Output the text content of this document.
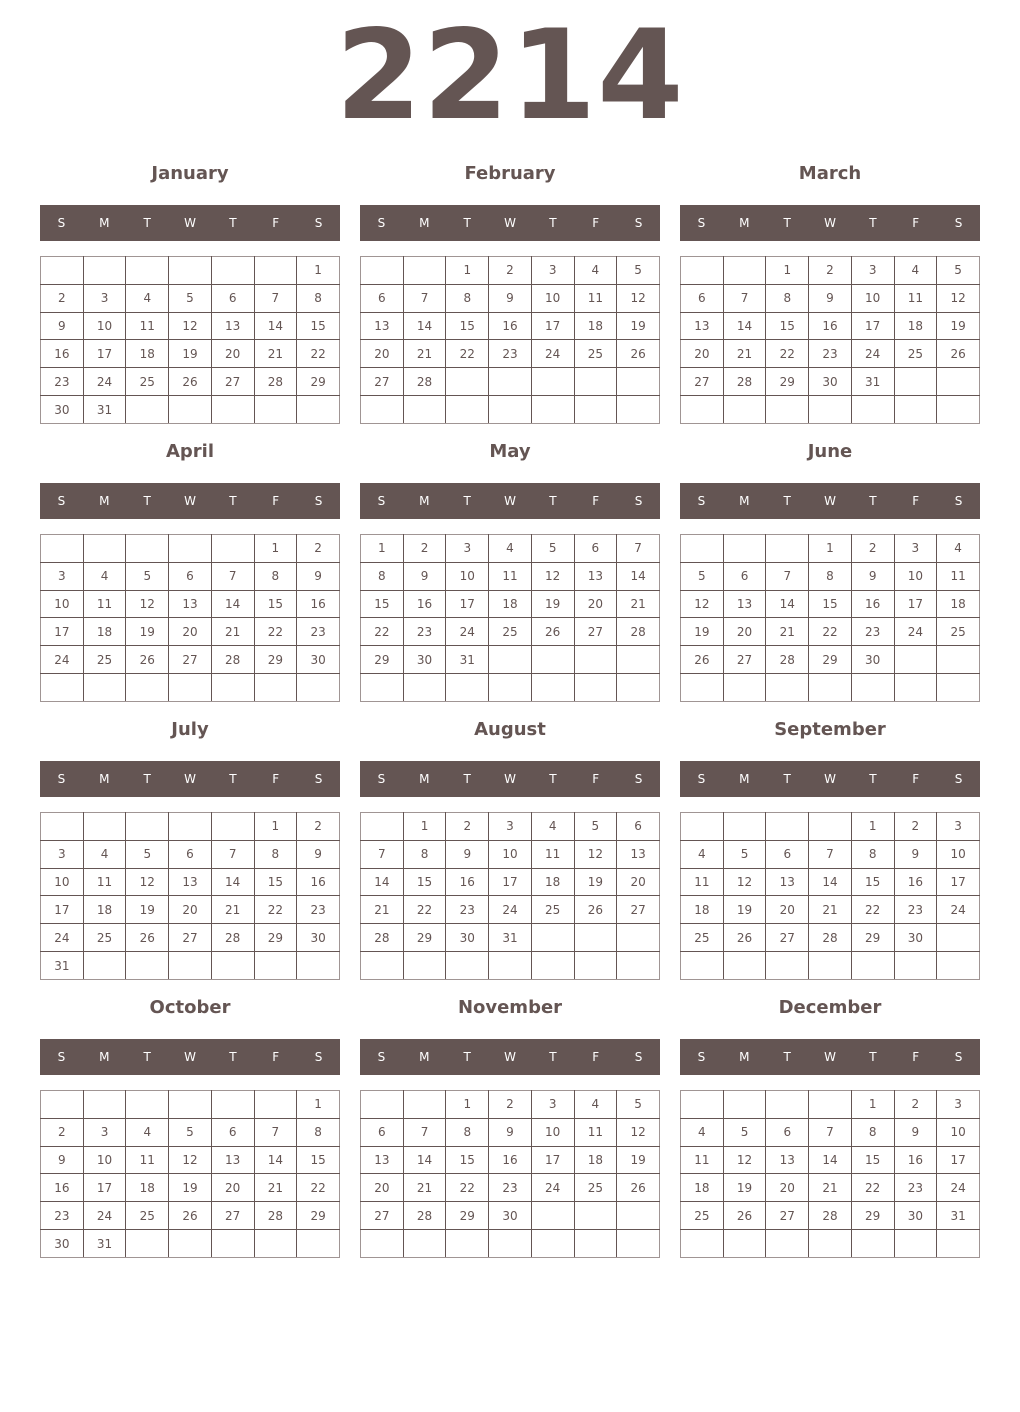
2214
January
S	M	T	W	T	F	S
						1
2	3	4	5	6	7	8
9	10	11	12	13	14	15
16	17	18	19	20	21	22
23	24	25	26	27	28	29
30	31					
February
S	M	T	W	T	F	S
		1	2	3	4	5
6	7	8	9	10	11	12
13	14	15	16	17	18	19
20	21	22	23	24	25	26
27	28					

March
S	M	T	W	T	F	S
		1	2	3	4	5
6	7	8	9	10	11	12
13	14	15	16	17	18	19
20	21	22	23	24	25	26
27	28	29	30	31		

April
S	M	T	W	T	F	S
					1	2
3	4	5	6	7	8	9
10	11	12	13	14	15	16
17	18	19	20	21	22	23
24	25	26	27	28	29	30

May
S	M	T	W	T	F	S
1	2	3	4	5	6	7
8	9	10	11	12	13	14
15	16	17	18	19	20	21
22	23	24	25	26	27	28
29	30	31				

June
S	M	T	W	T	F	S
			1	2	3	4
5	6	7	8	9	10	11
12	13	14	15	16	17	18
19	20	21	22	23	24	25
26	27	28	29	30		

July
S	M	T	W	T	F	S
					1	2
3	4	5	6	7	8	9
10	11	12	13	14	15	16
17	18	19	20	21	22	23
24	25	26	27	28	29	30
31						
August
S	M	T	W	T	F	S
	1	2	3	4	5	6
7	8	9	10	11	12	13
14	15	16	17	18	19	20
21	22	23	24	25	26	27
28	29	30	31			

September
S	M	T	W	T	F	S
				1	2	3
4	5	6	7	8	9	10
11	12	13	14	15	16	17
18	19	20	21	22	23	24
25	26	27	28	29	30	

October
S	M	T	W	T	F	S
						1
2	3	4	5	6	7	8
9	10	11	12	13	14	15
16	17	18	19	20	21	22
23	24	25	26	27	28	29
30	31					
November
S	M	T	W	T	F	S
		1	2	3	4	5
6	7	8	9	10	11	12
13	14	15	16	17	18	19
20	21	22	23	24	25	26
27	28	29	30			

December
S	M	T	W	T	F	S
				1	2	3
4	5	6	7	8	9	10
11	12	13	14	15	16	17
18	19	20	21	22	23	24
25	26	27	28	29	30	31
